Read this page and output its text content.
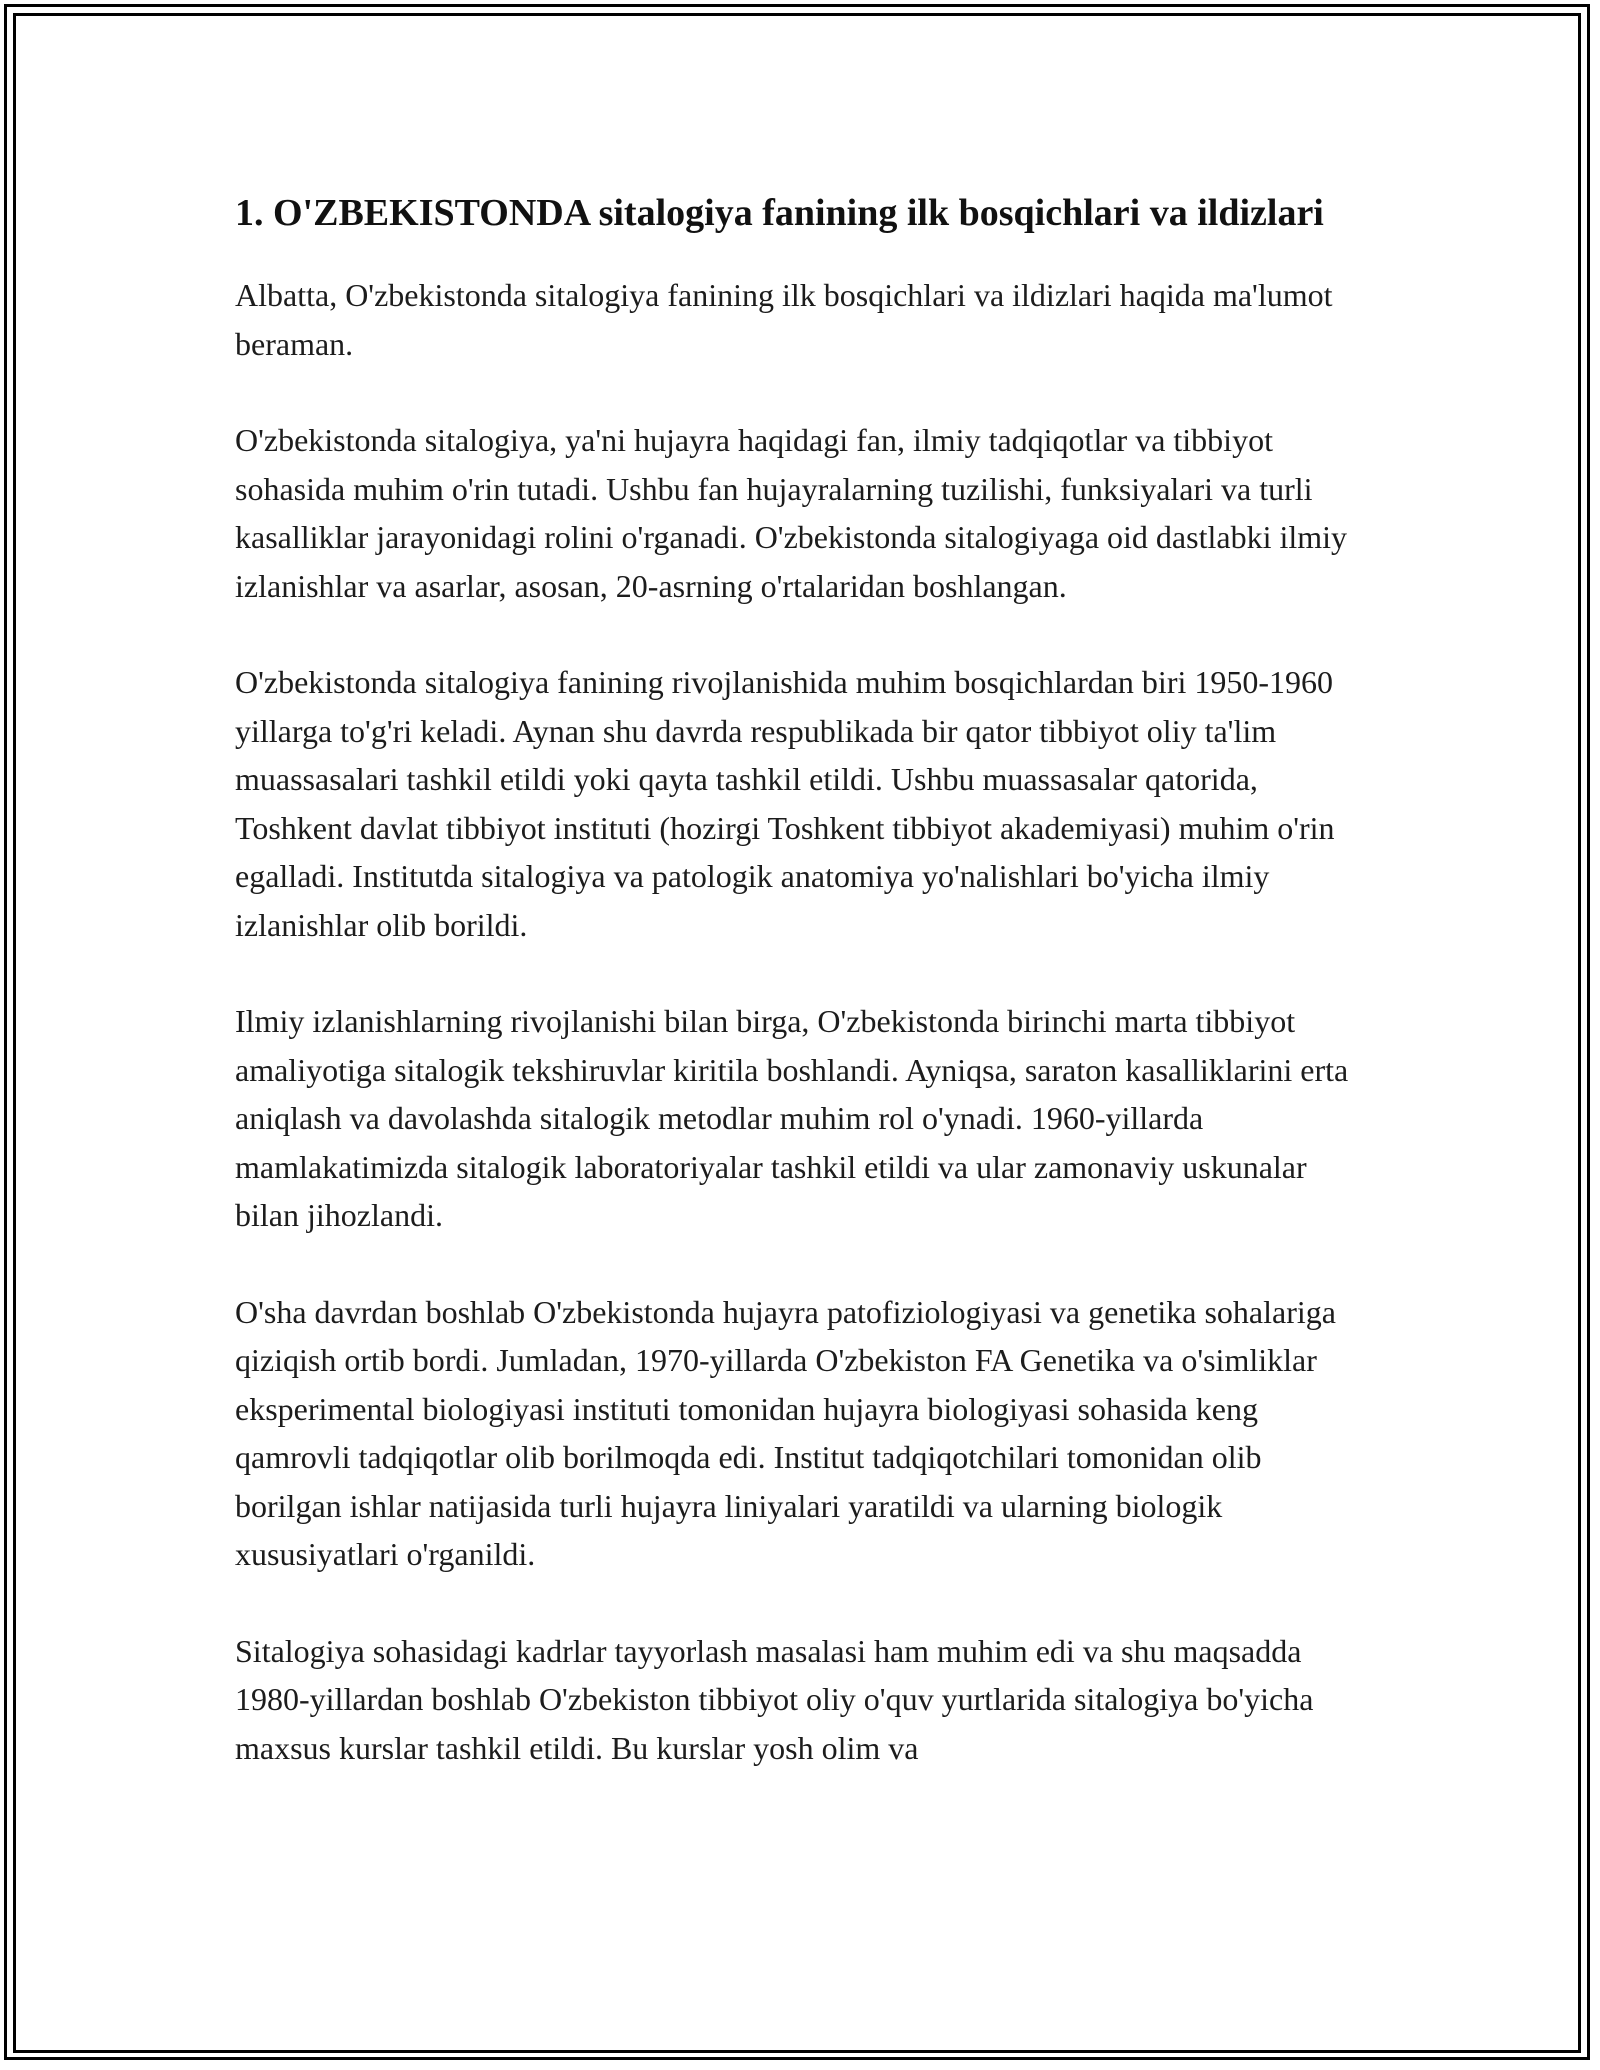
1. O'ZBEKISTONDA sitalogiya fanining ilk bosqichlari va ildizlari

Albatta, O'zbekistonda sitalogiya fanining ilk bosqichlari va ildizlari haqida ma'lumot beraman.

O'zbekistonda sitalogiya, ya'ni hujayra haqidagi fan, ilmiy tadqiqotlar va tibbiyot sohasida muhim o'rin tutadi. Ushbu fan hujayralarning tuzilishi, funksiyalari va turli kasalliklar jarayonidagi rolini o'rganadi. O'zbekistonda sitalogiyaga oid dastlabki ilmiy izlanishlar va asarlar, asosan, 20-asrning o'rtalaridan boshlangan.

O'zbekistonda sitalogiya fanining rivojlanishida muhim bosqichlardan biri 1950-1960 yillarga to'g'ri keladi. Aynan shu davrda respublikada bir qator tibbiyot oliy ta'lim muassasalari tashkil etildi yoki qayta tashkil etildi. Ushbu muassasalar qatorida, Toshkent davlat tibbiyot instituti (hozirgi Toshkent tibbiyot akademiyasi) muhim o'rin egalladi. Institutda sitalogiya va patologik anatomiya yo'nalishlari bo'yicha ilmiy izlanishlar olib borildi.

Ilmiy izlanishlarning rivojlanishi bilan birga, O'zbekistonda birinchi marta tibbiyot amaliyotiga sitalogik tekshiruvlar kiritila boshlandi. Ayniqsa, saraton kasalliklarini erta aniqlash va davolashda sitalogik metodlar muhim rol o'ynadi. 1960-yillarda mamlakatimizda sitalogik laboratoriyalar tashkil etildi va ular zamonaviy uskunalar bilan jihozlandi.

O'sha davrdan boshlab O'zbekistonda hujayra patofiziologiyasi va genetika sohalariga qiziqish ortib bordi. Jumladan, 1970-yillarda O'zbekiston FA Genetika va o'simliklar eksperimental biologiyasi instituti tomonidan hujayra biologiyasi sohasida keng qamrovli tadqiqotlar olib borilmoqda edi. Institut tadqiqotchilari tomonidan olib borilgan ishlar natijasida turli hujayra liniyalari yaratildi va ularning biologik xususiyatlari o'rganildi.

Sitalogiya sohasidagi kadrlar tayyorlash masalasi ham muhim edi va shu maqsadda 1980-yillardan boshlab O'zbekiston tibbiyot oliy o'quv yurtlarida sitalogiya bo'yicha maxsus kurslar tashkil etildi. Bu kurslar yosh olim va
